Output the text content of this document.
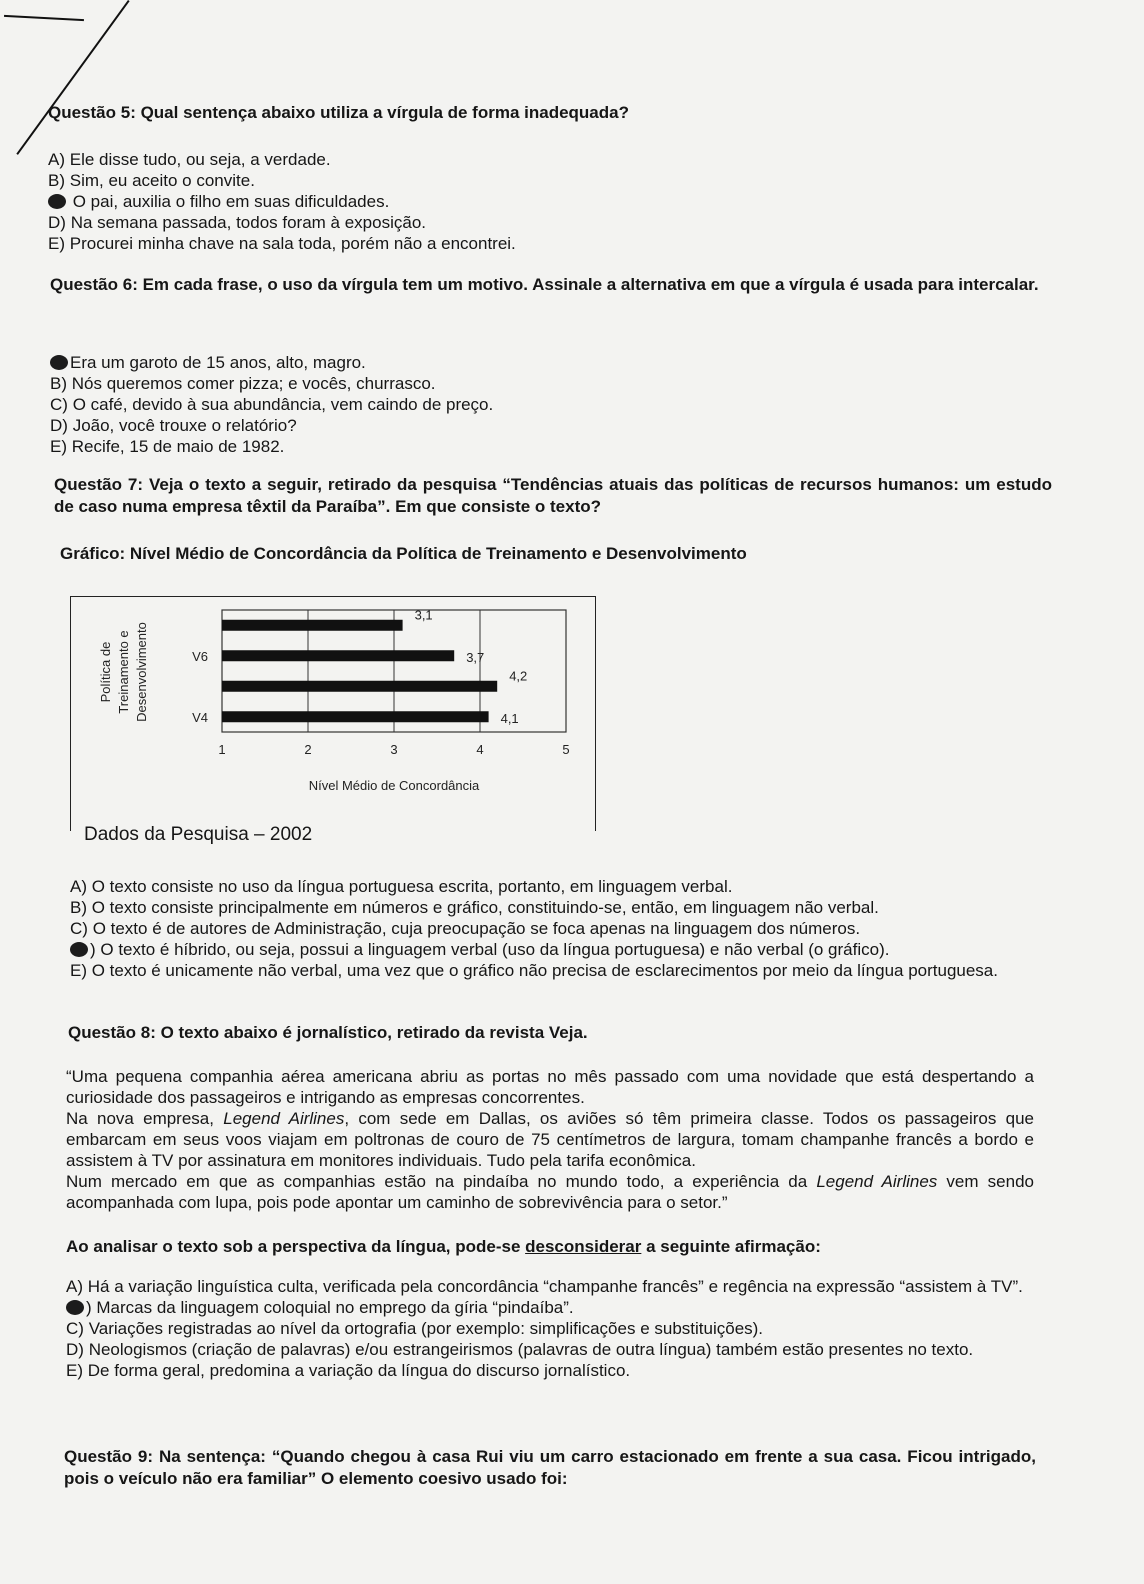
Questão 5: Qual sentença abaixo utiliza a vírgula de forma inadequada?
A) Ele disse tudo, ou seja, a verdade.
B) Sim, eu aceito o convite.
O pai, auxilia o filho em suas dificuldades.
D) Na semana passada, todos foram à exposição.
E) Procurei minha chave na sala toda, porém não a encontrei.
Questão 6: Em cada frase, o uso da vírgula tem um motivo. Assinale a alternativa em que a vírgula é usada para intercalar.
Era um garoto de 15 anos, alto, magro.
B) Nós queremos comer pizza; e vocês, churrasco.
C) O café, devido à sua abundância, vem caindo de preço.
D) João, você trouxe o relatório?
E) Recife, 15 de maio de 1982.
Questão 7: Veja o texto a seguir, retirado da pesquisa “Tendências atuais das políticas de recursos humanos: um estudo de caso numa empresa têxtil da Paraíba”. Em que consiste o texto?
Gráfico: Nível Médio de Concordância da Política de Treinamento e Desenvolvimento
1	2	3	4	5
3,1
3,7
V6
4,2
4,1
V4
Nível Médio de Concordância
Política de Treinamento e Desenvolvimento
Dados da Pesquisa – 2002
A) O texto consiste no uso da língua portuguesa escrita, portanto, em linguagem verbal.
B) O texto consiste principalmente em números e gráfico, constituindo-se, então, em linguagem não verbal.
C) O texto é de autores de Administração, cuja preocupação se foca apenas na linguagem dos números.
) O texto é híbrido, ou seja, possui a linguagem verbal (uso da língua portuguesa) e não verbal (o gráfico).
E) O texto é unicamente não verbal, uma vez que o gráfico não precisa de esclarecimentos por meio da língua portuguesa.
Questão 8: O texto abaixo é jornalístico, retirado da revista Veja.
“Uma pequena companhia aérea americana abriu as portas no mês passado com uma novidade que está despertando a curiosidade dos passageiros e intrigando as empresas concorrentes.
Na nova empresa, Legend Airlines, com sede em Dallas, os aviões só têm primeira classe. Todos os passageiros que embarcam em seus voos viajam em poltronas de couro de 75 centímetros de largura, tomam champanhe francês a bordo e assistem à TV por assinatura em monitores individuais. Tudo pela tarifa econômica.
Num mercado em que as companhias estão na pindaíba no mundo todo, a experiência da Legend Airlines vem sendo acompanhada com lupa, pois pode apontar um caminho de sobrevivência para o setor.”
Ao analisar o texto sob a perspectiva da língua, pode-se desconsiderar a seguinte afirmação:
A) Há a variação linguística culta, verificada pela concordância “champanhe francês” e regência na expressão “assistem à TV”.
) Marcas da linguagem coloquial no emprego da gíria “pindaíba”.
C) Variações registradas ao nível da ortografia (por exemplo: simplificações e substituições).
D) Neologismos (criação de palavras) e/ou estrangeirismos (palavras de outra língua) também estão presentes no texto.
E) De forma geral, predomina a variação da língua do discurso jornalístico.
Questão 9: Na sentença: “Quando chegou à casa Rui viu um carro estacionado em frente a sua casa. Ficou intrigado, pois o veículo não era familiar” O elemento coesivo usado foi:
